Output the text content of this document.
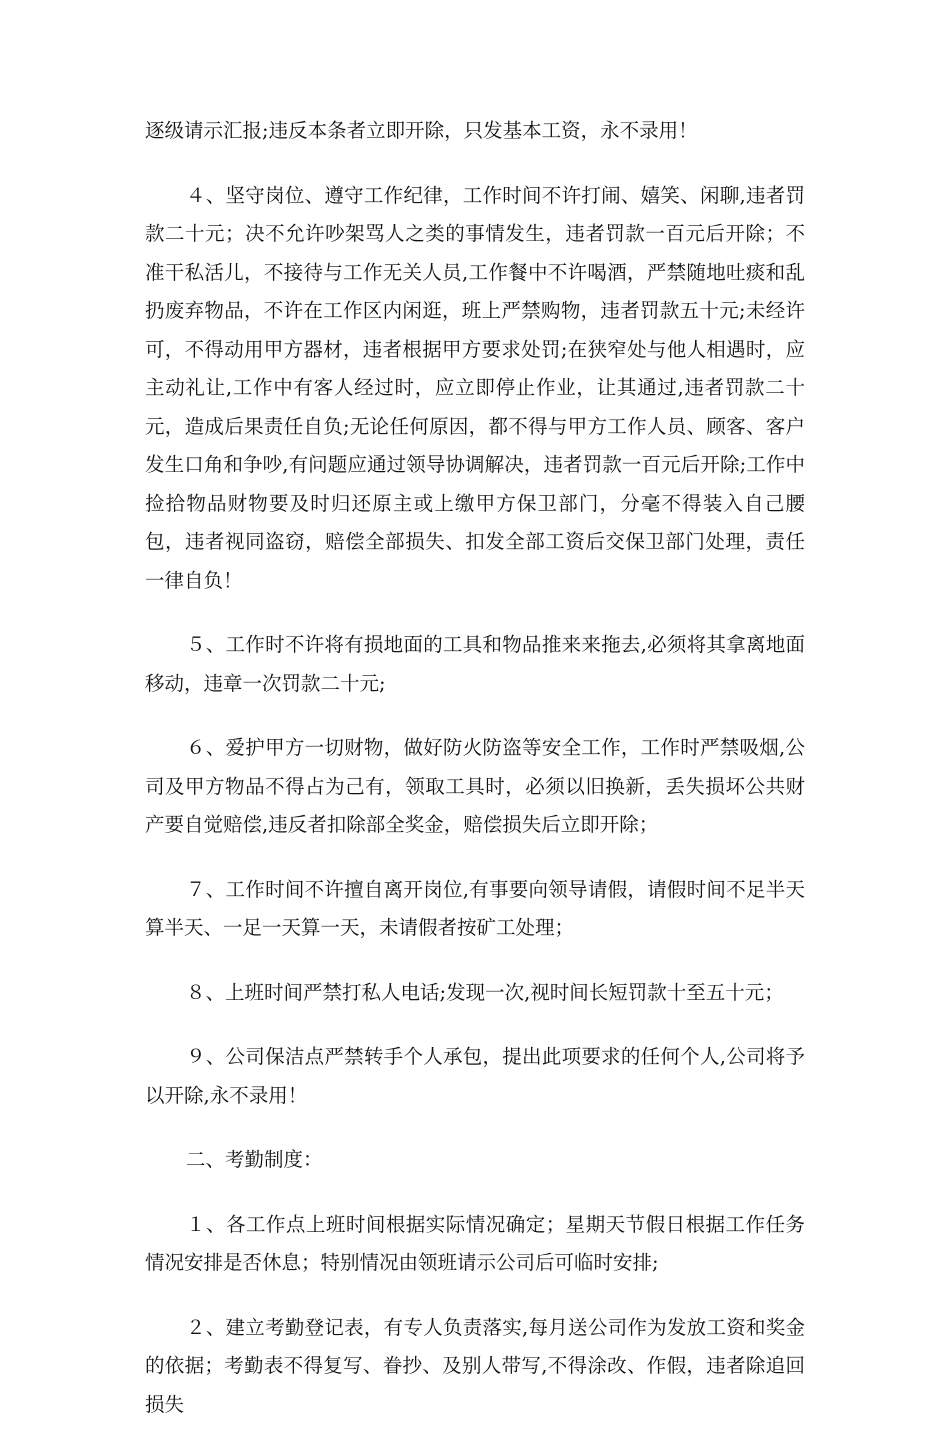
逐级请示汇报;违反本条者立即开除，只发基本工资，永不录用！

４、坚守岗位、遵守工作纪律，工作时间不许打闹、嬉笑、闲聊,违者罚款二十元；决不允许吵架骂人之类的事情发生，违者罚款一百元后开除；不准干私活儿，不接待与工作无关人员,工作餐中不许喝酒，严禁随地吐痰和乱扔废弃物品，不许在工作区内闲逛，班上严禁购物，违者罚款五十元;未经许可，不得动用甲方器材，违者根据甲方要求处罚;在狭窄处与他人相遇时，应主动礼让,工作中有客人经过时，应立即停止作业，让其通过,违者罚款二十元，造成后果责任自负;无论任何原因，都不得与甲方工作人员、顾客、客户发生口角和争吵,有问题应通过领导协调解决，违者罚款一百元后开除;工作中捡拾物品财物要及时归还原主或上缴甲方保卫部门，分毫不得装入自己腰包，违者视同盗窃，赔偿全部损失、扣发全部工资后交保卫部门处理，责任一律自负！

５、工作时不许将有损地面的工具和物品推来来拖去,必须将其拿离地面移动，违章一次罚款二十元;

６、爱护甲方一切财物，做好防火防盗等安全工作，工作时严禁吸烟,公司及甲方物品不得占为己有，领取工具时，必须以旧换新，丢失损坏公共财产要自觉赔偿,违反者扣除部全奖金，赔偿损失后立即开除；

７、工作时间不许擅自离开岗位,有事要向领导请假，请假时间不足半天算半天、一足一天算一天，未请假者按矿工处理；

８、上班时间严禁打私人电话;发现一次,视时间长短罚款十至五十元；

９、公司保洁点严禁转手个人承包，提出此项要求的任何个人,公司将予以开除,永不录用！

二、考勤制度：

１、各工作点上班时间根据实际情况确定；星期天节假日根据工作任务情况安排是否休息；特别情况由领班请示公司后可临时安排;

２、建立考勤登记表，有专人负责落实,每月送公司作为发放工资和奖金的依据；考勤表不得复写、眷抄、及别人带写,不得涂改、作假，违者除追回损失
